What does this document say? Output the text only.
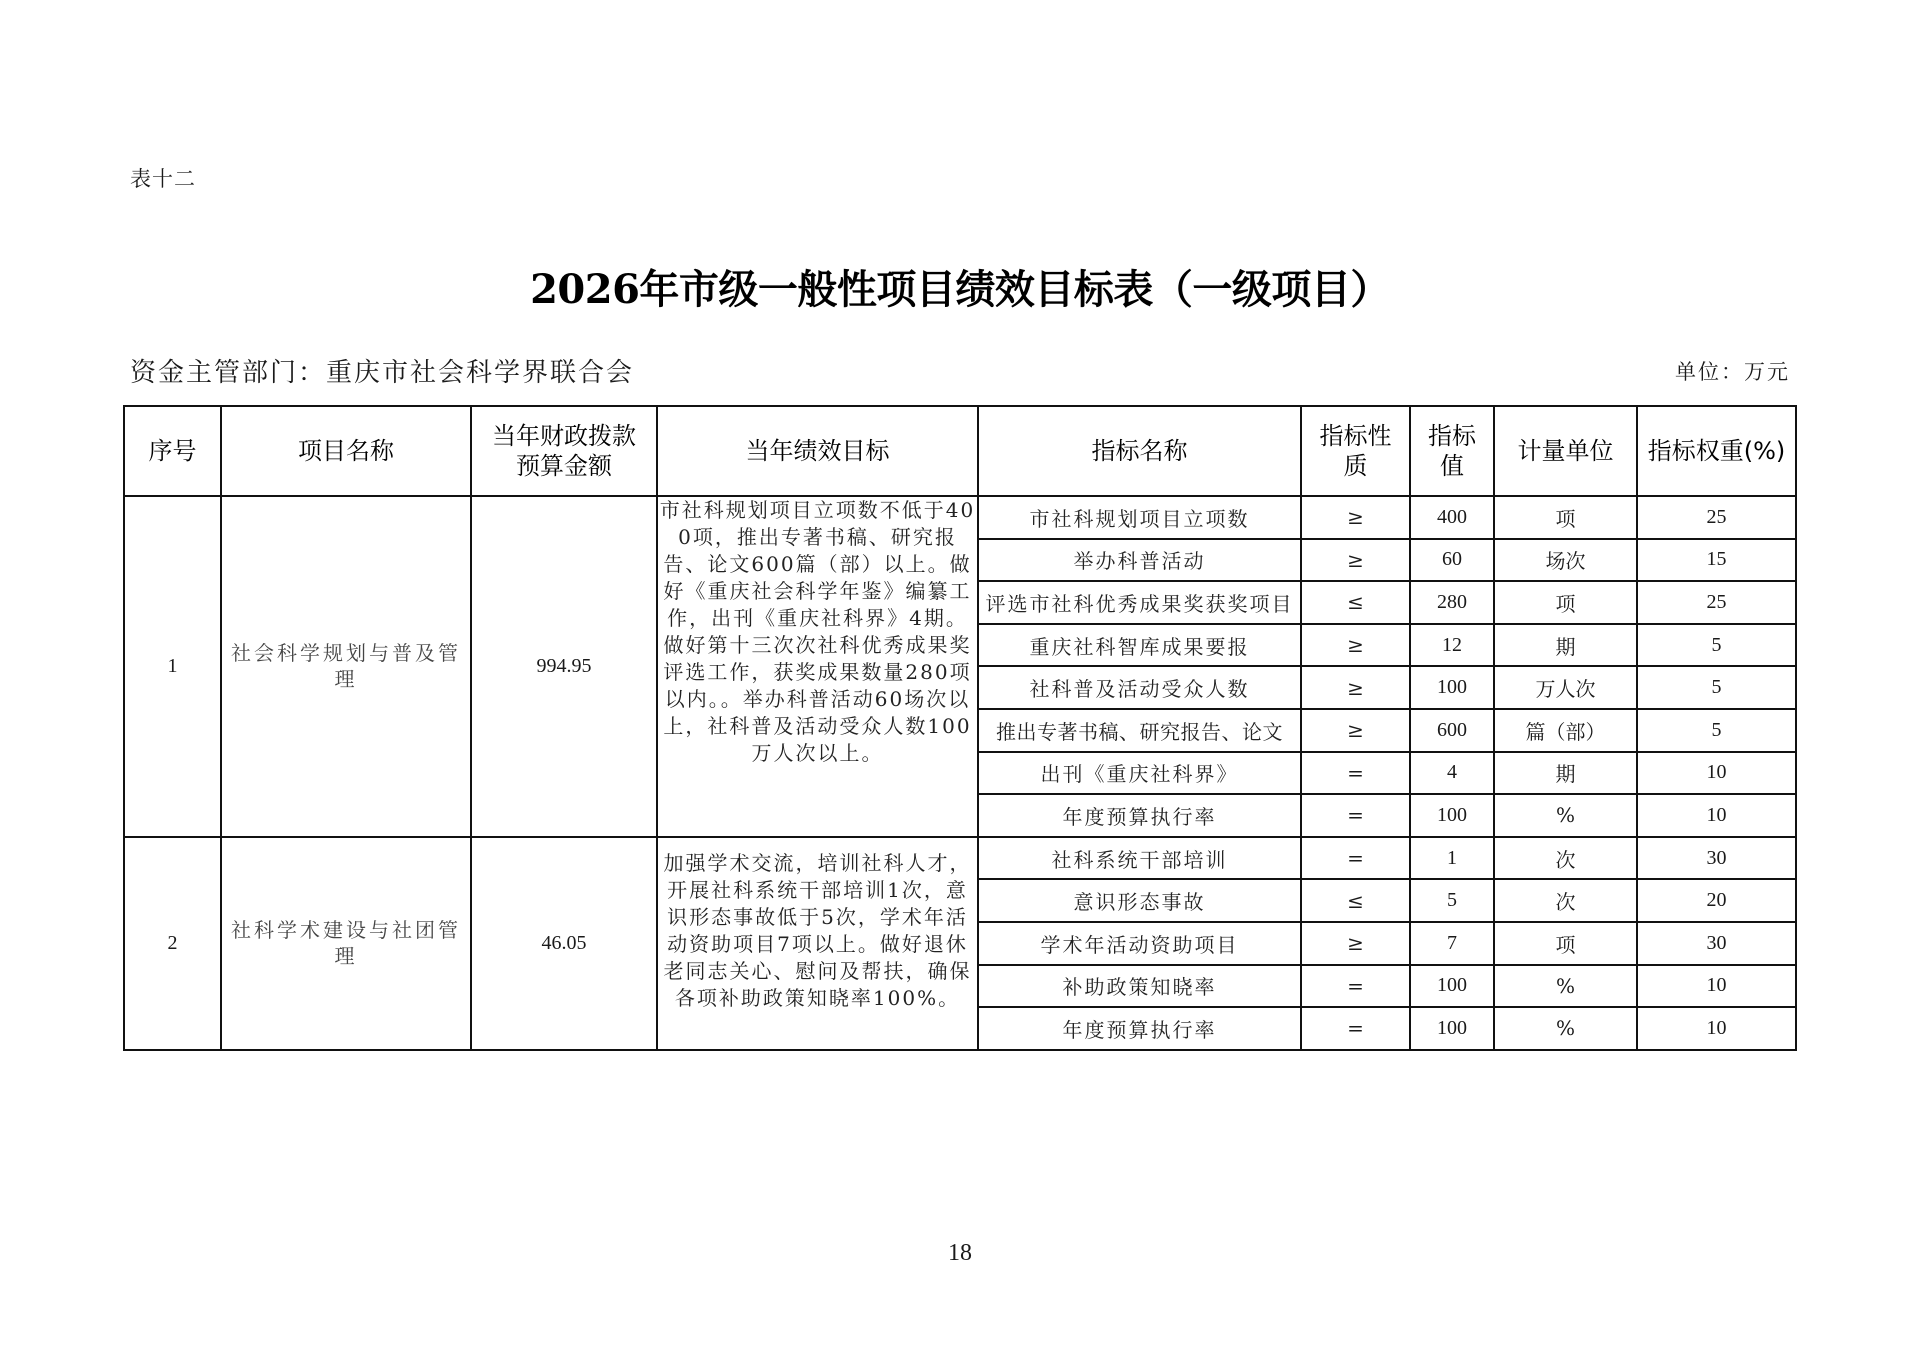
表十二
2026年市级一般性项目绩效目标表（一级项目）
资金主管部门：重庆市社会科学界联合会	单位：万元
序号	项目名称	当年财政拨款预算金额	当年绩效目标	指标名称	指标性质	指标值	计量单位	指标权重(%)
1	社会科学规划与普及管理	994.95	市社科规划项目立项数不低于400项，推出专著书稿、研究报告、论文600篇（部）以上。做好《重庆社会科学年鉴》编纂工作，出刊《重庆社科界》4期。做好第十三次次社科优秀成果奖评选工作，获奖成果数量280项以内。。举办科普活动60场次以上，社科普及活动受众人数100万人次以上。	市社科规划项目立项数	≥	400	项	25
				举办科普活动	≥	60	场次	15
				评选市社科优秀成果奖获奖项目	≤	280	项	25
				重庆社科智库成果要报	≥	12	期	5
				社科普及活动受众人数	≥	100	万人次	5
				推出专著书稿、研究报告、论文	≥	600	篇（部）	5
				出刊《重庆社科界》	=	4	期	10
				年度预算执行率	=	100	%	10
2	社科学术建设与社团管理	46.05	加强学术交流，培训社科人才，开展社科系统干部培训1次，意识形态事故低于5次，学术年活动资助项目7项以上。做好退休老同志关心、慰问及帮扶，确保各项补助政策知晓率100%。	社科系统干部培训	=	1	次	30
				意识形态事故	≤	5	次	20
				学术年活动资助项目	≥	7	项	30
				补助政策知晓率	=	100	%	10
				年度预算执行率	=	100	%	10
18
